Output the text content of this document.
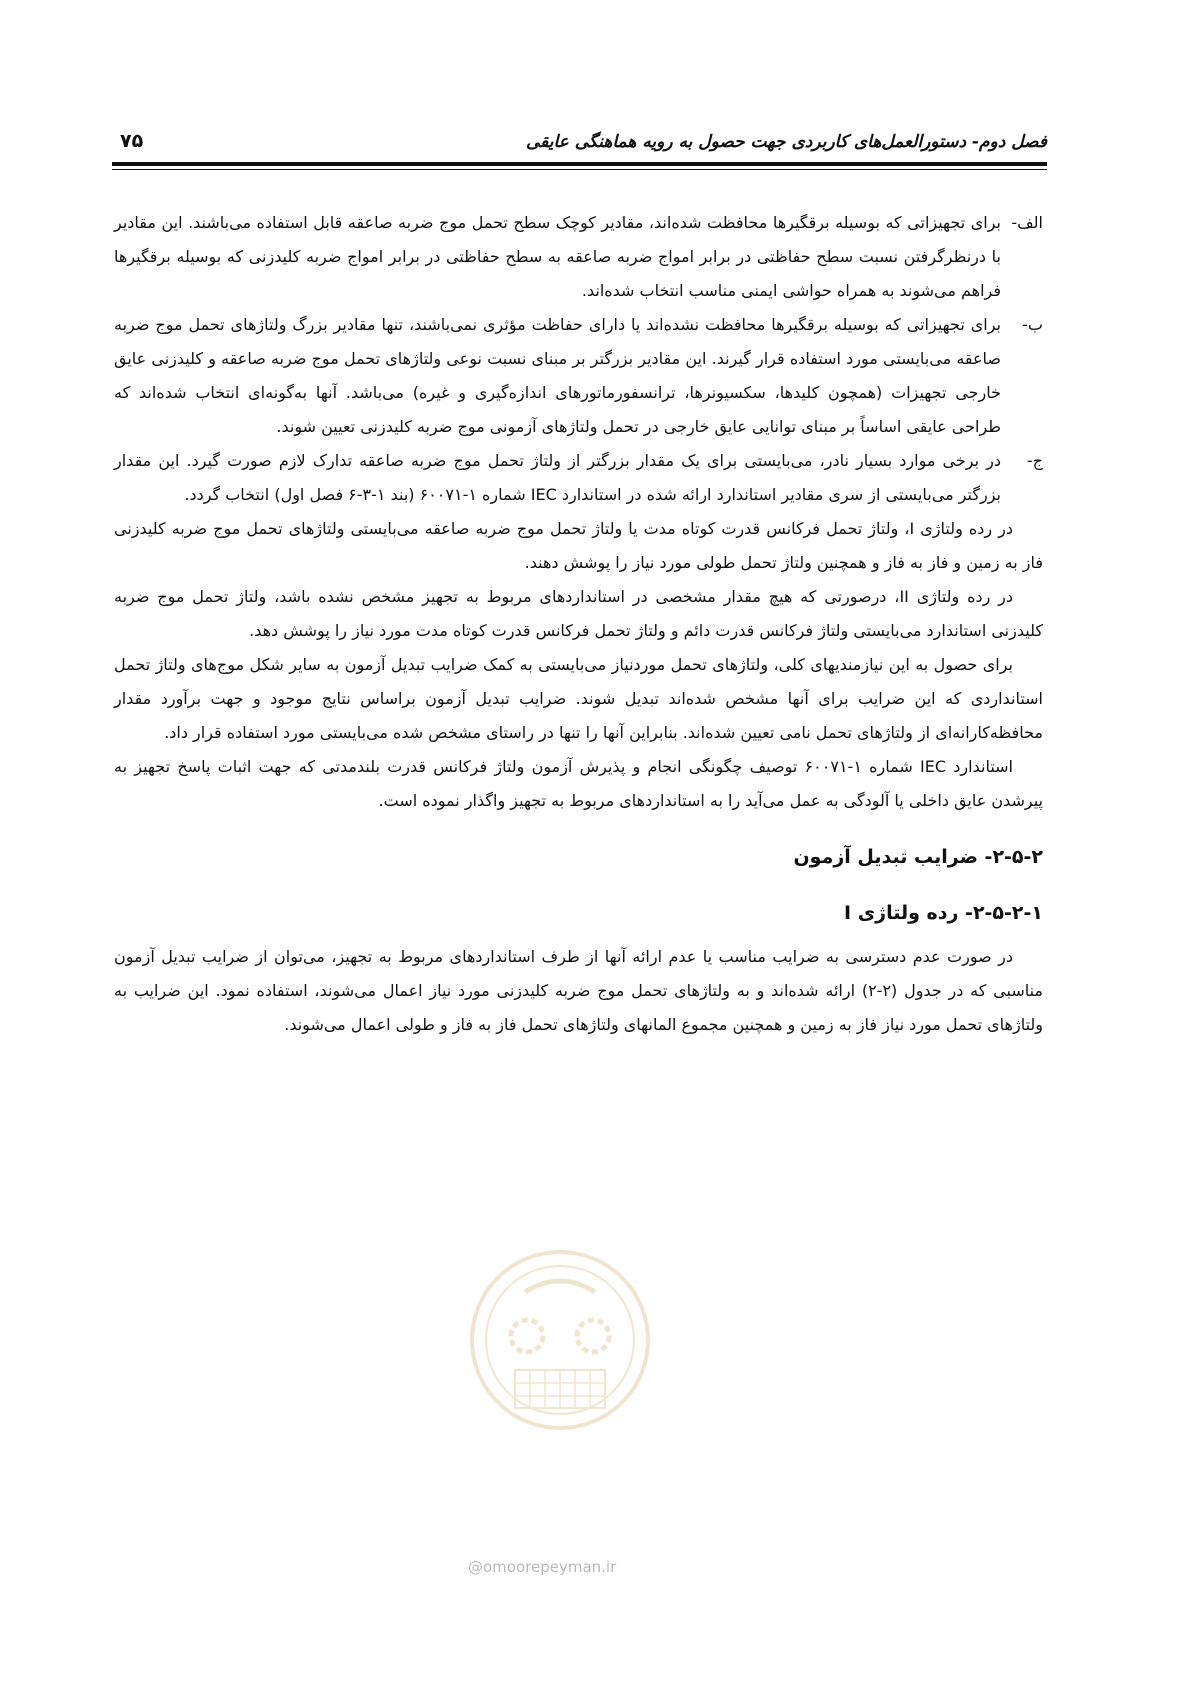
فصل دوم- دستورالعمل‌های کاربردی جهت حصول به رویه هماهنگی عایقی
۷۵
الف-
برای تجهیزاتی که بوسیله برقگیرها محافظت شده‌اند، مقادیر کوچک سطح تحمل موج ضربه صاعقه قابل استفاده می‌باشند. این مقادیر با درنظرگرفتن نسبت سطح حفاظتی در برابر امواج ضربه صاعقه به سطح حفاظتی در برابر امواج ضربه کلیدزنی که بوسیله برقگیرها فراهم می‌شوند به همراه حواشی ایمنی مناسب انتخاب شده‌اند.
ب-
برای تجهیزاتی که بوسیله برقگیرها محافظت نشده‌اند یا دارای حفاظت مؤثری نمی‌باشند، تنها مقادیر بزرگ ولتاژهای تحمل موج ضربه صاعقه می‌بایستی مورد استفاده قرار گیرند. این مقادیر بزرگتر بر مبنای نسبت نوعی ولتاژهای تحمل موج ضربه صاعقه و کلیدزنی عایق خارجی تجهیزات (همچون کلیدها، سکسیونرها، ترانسفورماتورهای اندازه‌گیری و غیره) می‌باشد. آنها به‌گونه‌ای انتخاب شده‌اند که طراحی عایقی اساساً بر مبنای توانایی عایق خارجی در تحمل ولتاژهای آزمونی موج ضربه کلیدزنی تعیین شوند.
ج-
در برخی موارد بسیار نادر، می‌بایستی برای یک مقدار بزرگتر از ولتاژ تحمل موج ضربه صاعقه تدارک لازم صورت گیرد. این مقدار بزرگتر می‌بایستی از سری مقادیر استاندارد ارائه شده در استاندارد IEC شماره ۱-۶۰۰۷۱ (بند ۱-۳-۶ فصل اول) انتخاب گردد.

در رده ولتاژی I، ولتاژ تحمل فرکانس قدرت کوتاه مدت یا ولتاژ تحمل موج ضربه صاعقه می‌بایستی ولتاژهای تحمل موج ضربه کلیدزنی فاز به زمین و فاز به فاز و همچنین ولتاژ تحمل طولی مورد نیاز را پوشش دهند.

در رده ولتاژی II، درصورتی که هیچ مقدار مشخصی در استانداردهای مربوط به تجهیز مشخص نشده باشد، ولتاژ تحمل موج ضربه کلیدزنی استاندارد می‌بایستی ولتاژ فرکانس قدرت دائم و ولتاژ تحمل فرکانس قدرت کوتاه مدت مورد نیاز را پوشش دهد.

برای حصول به این نیازمندیهای کلی، ولتاژهای تحمل موردنیاز می‌بایستی به کمک ضرایب تبدیل آزمون به سایر شکل موج‌های ولتاژ تحمل استانداردی که این ضرایب برای آنها مشخص شده‌اند تبدیل شوند. ضرایب تبدیل آزمون براساس نتایج موجود و جهت برآورد مقدار محافظه‌کارانه‌ای از ولتاژهای تحمل نامی تعیین شده‌اند. بنابراین آنها را تنها در راستای مشخص شده می‌بایستی مورد استفاده قرار داد.

استاندارد IEC شماره ۱-۶۰۰۷۱ توصیف چگونگی انجام و پذیرش آزمون ولتاژ فرکانس قدرت بلندمدتی که جهت اثبات پاسخ تجهیز به پیرشدن عایق داخلی یا آلودگی به عمل می‌آید را به استانداردهای مربوط به تجهیز واگذار نموده است.

۲-۵-۲- ضرایب تبدیل آزمون
۲-۵-۲-۱- رده ولتاژی I

در صورت عدم دسترسی به ضرایب مناسب یا عدم ارائه آنها از طرف استانداردهای مربوط به تجهیز، می‌توان از ضرایب تبدیل آزمون مناسبی که در جدول (۲-۲) ارائه شده‌اند و به ولتاژهای تحمل موج ضربه کلیدزنی مورد نیاز اعمال می‌شوند، استفاده نمود. این ضرایب به ولتاژهای تحمل مورد نیاز فاز به زمین و همچنین مجموع المانهای ولتاژهای تحمل فاز به فاز و طولی اعمال می‌شوند.

@omoorepeyman.ir
